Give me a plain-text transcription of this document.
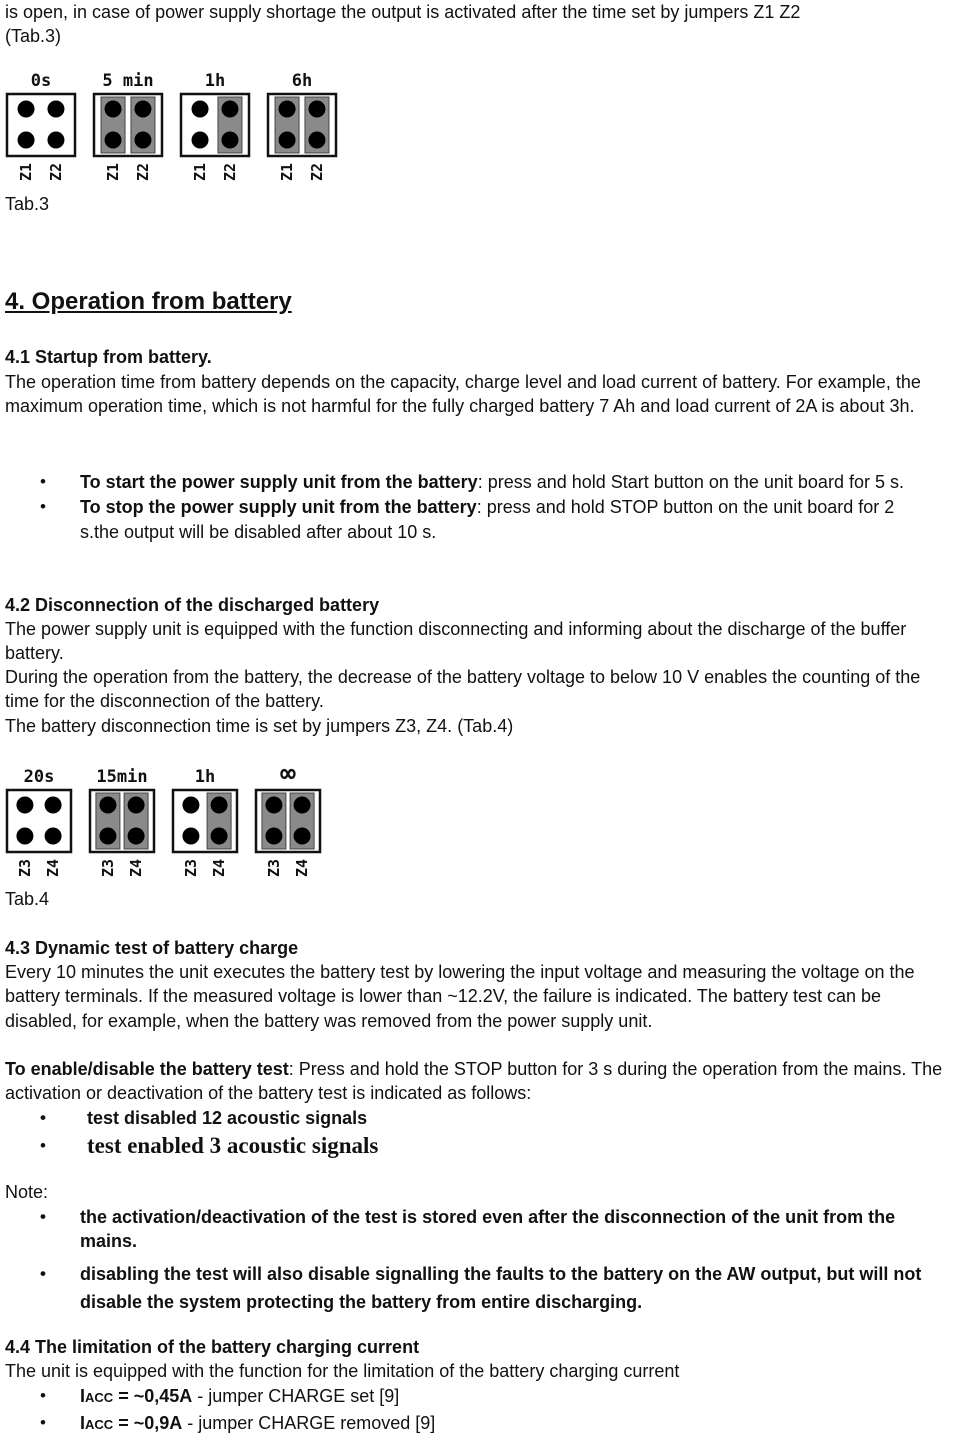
is open, in case of power supply shortage the output is activated after the time set by jumpers Z1 Z2

(Tab.3)

0s
Z1 Z2
5 min
Z1 Z2
1h
Z1 Z2
6h
Z1 Z2

Tab.3

4. Operation from battery

4.1 Startup from battery.

The operation time from battery depends on the capacity, charge level and load current of battery. For example, the maximum operation time, which is not harmful for the fully charged battery 7 Ah and load current of 2A is about 3h.

• To start the power supply unit from the battery: press and hold Start button on the unit board for 5 s.
• To stop the power supply unit from the battery: press and hold STOP button on the unit board for 2 s.the output will be disabled after about 10 s.

4.2 Disconnection of the discharged battery

The power supply unit is equipped with the function disconnecting and informing about the discharge of the buffer battery.

During the operation from the battery, the decrease of the battery voltage to below 10 V enables the counting of the time for the disconnection of the battery.

The battery disconnection time is set by jumpers Z3, Z4. (Tab.4)

20s
Z3 Z4
15min
Z3 Z4
1h
Z3 Z4
∞
Z3 Z4

Tab.4

4.3 Dynamic test of battery charge

Every 10 minutes the unit executes the battery test by lowering the input voltage and measuring the voltage on the battery terminals. If the measured voltage is lower than ~12.2V, the failure is indicated. The battery test can be disabled, for example, when the battery was removed from the power supply unit.

To enable/disable the battery test: Press and hold the STOP button for 3 s during the operation from the mains. The activation or deactivation of the battery test is indicated as follows:

• test disabled 12 acoustic signals
• test enabled 3 acoustic signals

Note:

• the activation/deactivation of the test is stored even after the disconnection of the unit from the mains.
• disabling the test will also disable signalling the faults to the battery on the AW output, but will not disable the system protecting the battery from entire discharging.

4.4 The limitation of the battery charging current

The unit is equipped with the function for the limitation of the battery charging current

• IACC = ~0,45A - jumper CHARGE set [9]
• IACC = ~0,9A - jumper CHARGE removed [9]
